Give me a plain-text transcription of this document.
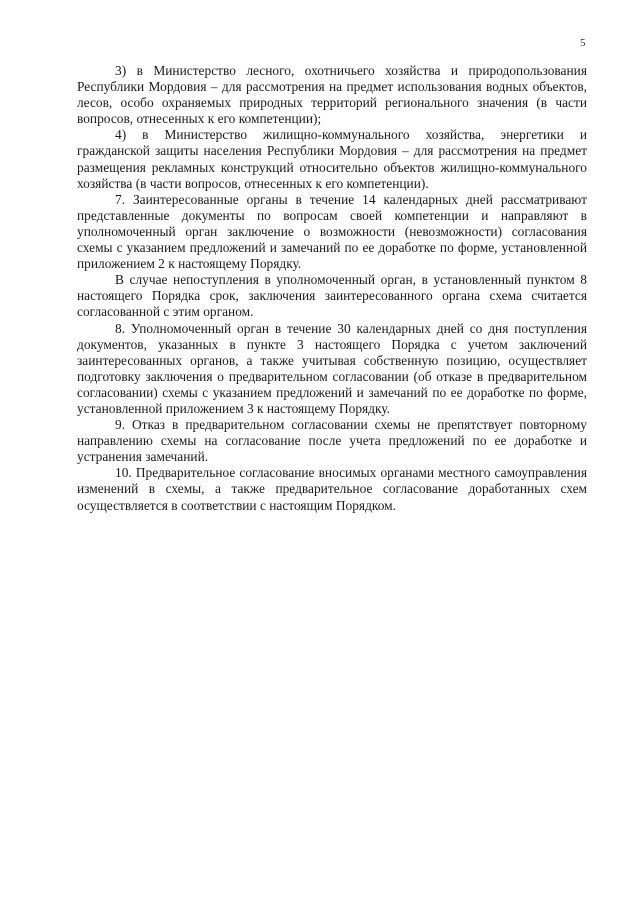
5

3) в Министерство лесного, охотничьего хозяйства и природопользования Республики Мордовия – для рассмотрения на предмет использования водных объектов, лесов, особо охраняемых природных территорий регионального значения (в части вопросов, отнесенных к его компетенции);

4) в Министерство жилищно-коммунального хозяйства, энергетики и гражданской защиты населения Республики Мордовия – для рассмотрения на предмет размещения рекламных конструкций относительно объектов жилищно-коммунального хозяйства (в части вопросов, отнесенных к его компетенции).

7. Заинтересованные органы в течение 14 календарных дней рассматривают представленные документы по вопросам своей компетенции и направляют в уполномоченный орган заключение о возможности (невозможности) согласования схемы с указанием предложений и замечаний по ее доработке по форме, установленной приложением 2 к настоящему Порядку.

В случае непоступления в уполномоченный орган, в установленный пунктом 8 настоящего Порядка срок, заключения заинтересованного органа схема считается согласованной с этим органом.

8. Уполномоченный орган в течение 30 календарных дней со дня поступления документов, указанных в пункте 3 настоящего Порядка с учетом заключений заинтересованных органов, а также учитывая собственную позицию, осуществляет подготовку заключения о предварительном согласовании (об отказе в предварительном согласовании) схемы с указанием предложений и замечаний по ее доработке по форме, установленной приложением 3 к настоящему Порядку.

9. Отказ в предварительном согласовании схемы не препятствует повторному направлению схемы на согласование после учета предложений по ее доработке и устранения замечаний.

10. Предварительное согласование вносимых органами местного самоуправления изменений в схемы, а также предварительное согласование доработанных схем осуществляется в соответствии с настоящим Порядком.
